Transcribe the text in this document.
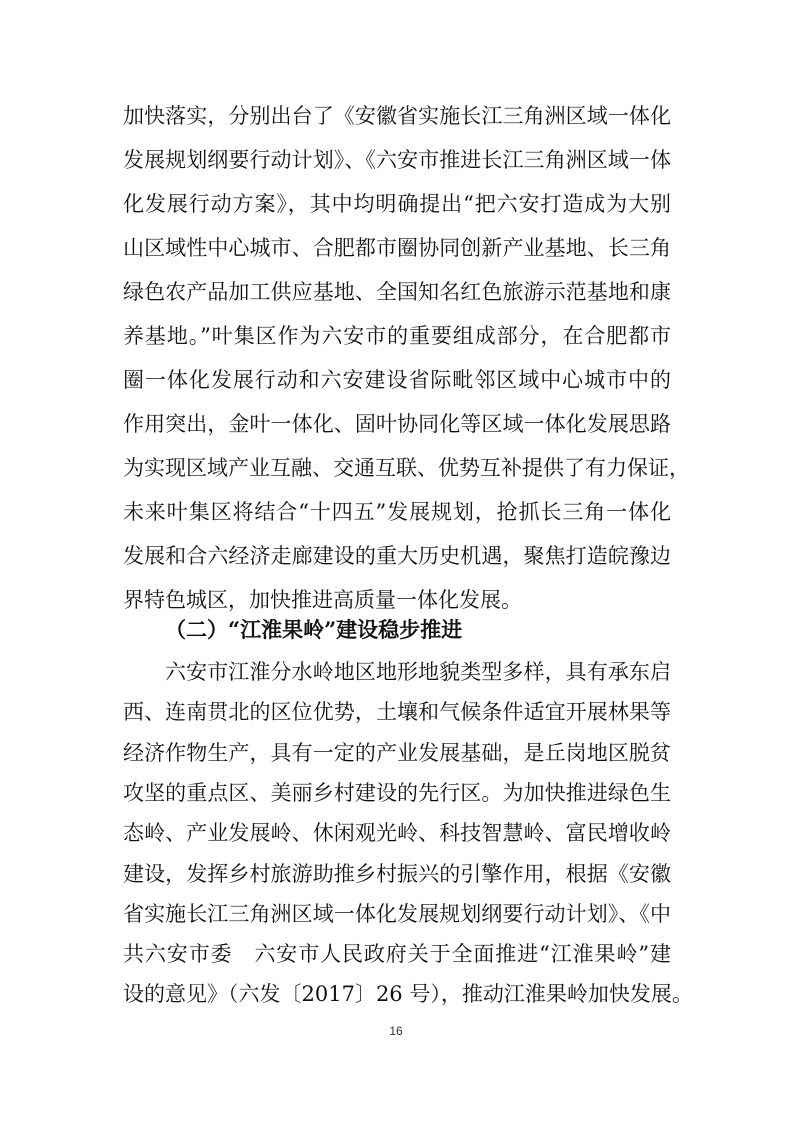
加快落实，分别出台了《安徽省实施长江三角洲区域一体化
发展规划纲要行动计划》、《六安市推进长江三角洲区域一体
化发展行动方案》，其中均明确提出“把六安打造成为大别
山区域性中心城市、合肥都市圈协同创新产业基地、长三角
绿色农产品加工供应基地、全国知名红色旅游示范基地和康
养基地。”叶集区作为六安市的重要组成部分，在合肥都市
圈一体化发展行动和六安建设省际毗邻区域中心城市中的
作用突出，金叶一体化、固叶协同化等区域一体化发展思路
为实现区域产业互融、交通互联、优势互补提供了有力保证，
未来叶集区将结合“十四五”发展规划，抢抓长三角一体化
发展和合六经济走廊建设的重大历史机遇，聚焦打造皖豫边
界特色城区，加快推进高质量一体化发展。
（二）“江淮果岭”建设稳步推进
六安市江淮分水岭地区地形地貌类型多样，具有承东启
西、连南贯北的区位优势，土壤和气候条件适宜开展林果等
经济作物生产，具有一定的产业发展基础，是丘岗地区脱贫
攻坚的重点区、美丽乡村建设的先行区。为加快推进绿色生
态岭、产业发展岭、休闲观光岭、科技智慧岭、富民增收岭
建设，发挥乡村旅游助推乡村振兴的引擎作用，根据《安徽
省实施长江三角洲区域一体化发展规划纲要行动计划》、《中
共六安市委　六安市人民政府关于全面推进“江淮果岭”建
设的意见》（六发〔2017〕26 号），推动江淮果岭加快发展。
16
